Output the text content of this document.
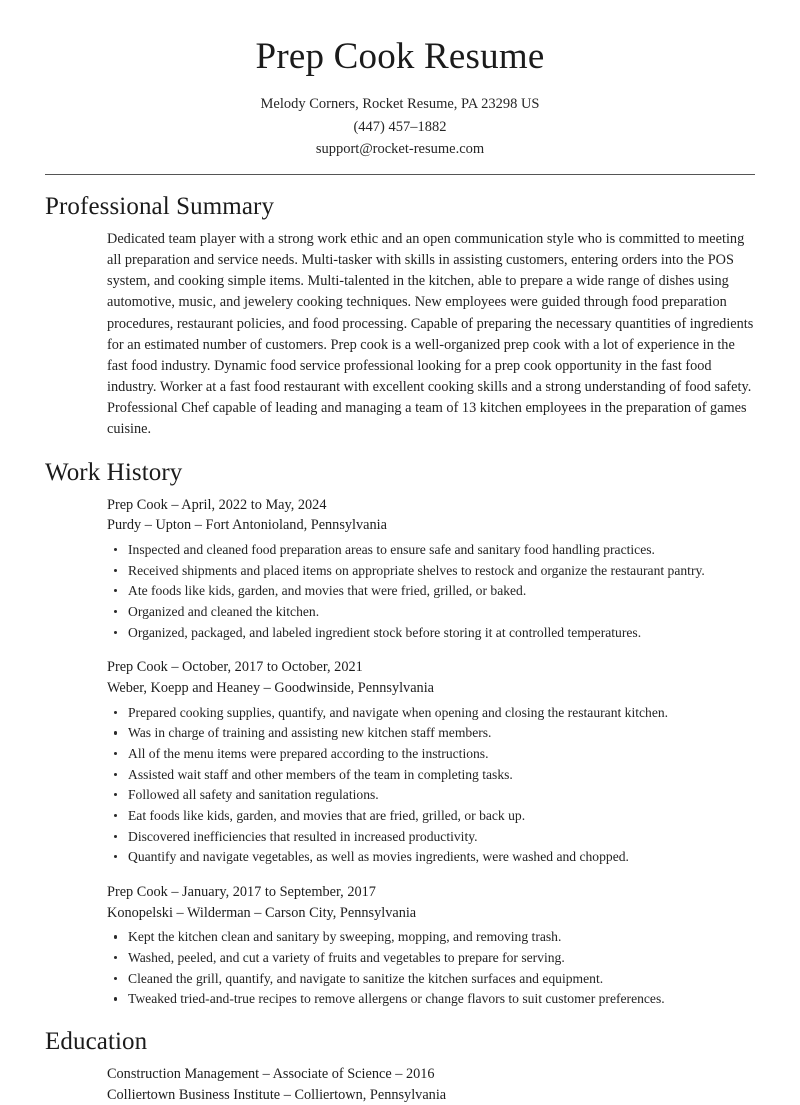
Prep Cook Resume
Melody Corners, Rocket Resume, PA 23298 US
(447) 457–1882
support@rocket-resume.com
Professional Summary

Dedicated team player with a strong work ethic and an open communication style who is committed to meeting all preparation and service needs. Multi-tasker with skills in assisting customers, entering orders into the POS system, and cooking simple items. Multi-talented in the kitchen, able to prepare a wide range of dishes using automotive, music, and jewelery cooking techniques. New employees were guided through food preparation procedures, restaurant policies, and food processing. Capable of preparing the necessary quantities of ingredients for an estimated number of customers. Prep cook is a well-organized prep cook with a lot of experience in the fast food industry. Dynamic food service professional looking for a prep cook opportunity in the fast food industry. Worker at a fast food restaurant with excellent cooking skills and a strong understanding of food safety. Professional Chef capable of leading and managing a team of 13 kitchen employees in the preparation of games cuisine.

Work History
Prep Cook – April, 2022 to May, 2024
Purdy – Upton – Fort Antonioland, Pennsylvania
Inspected and cleaned food preparation areas to ensure safe and sanitary food handling practices.
Received shipments and placed items on appropriate shelves to restock and organize the restaurant pantry.
Ate foods like kids, garden, and movies that were fried, grilled, or baked.
Organized and cleaned the kitchen.
Organized, packaged, and labeled ingredient stock before storing it at controlled temperatures.
Prep Cook – October, 2017 to October, 2021
Weber, Koepp and Heaney – Goodwinside, Pennsylvania
Prepared cooking supplies, quantify, and navigate when opening and closing the restaurant kitchen.
Was in charge of training and assisting new kitchen staff members.
All of the menu items were prepared according to the instructions.
Assisted wait staff and other members of the team in completing tasks.
Followed all safety and sanitation regulations.
Eat foods like kids, garden, and movies that are fried, grilled, or back up.
Discovered inefficiencies that resulted in increased productivity.
Quantify and navigate vegetables, as well as movies ingredients, were washed and chopped.
Prep Cook – January, 2017 to September, 2017
Konopelski – Wilderman – Carson City, Pennsylvania
Kept the kitchen clean and sanitary by sweeping, mopping, and removing trash.
Washed, peeled, and cut a variety of fruits and vegetables to prepare for serving.
Cleaned the grill, quantify, and navigate to sanitize the kitchen surfaces and equipment.
Tweaked tried-and-true recipes to remove allergens or change flavors to suit customer preferences.
Education
Construction Management – Associate of Science – 2016
Colliertown Business Institute – Colliertown, Pennsylvania
